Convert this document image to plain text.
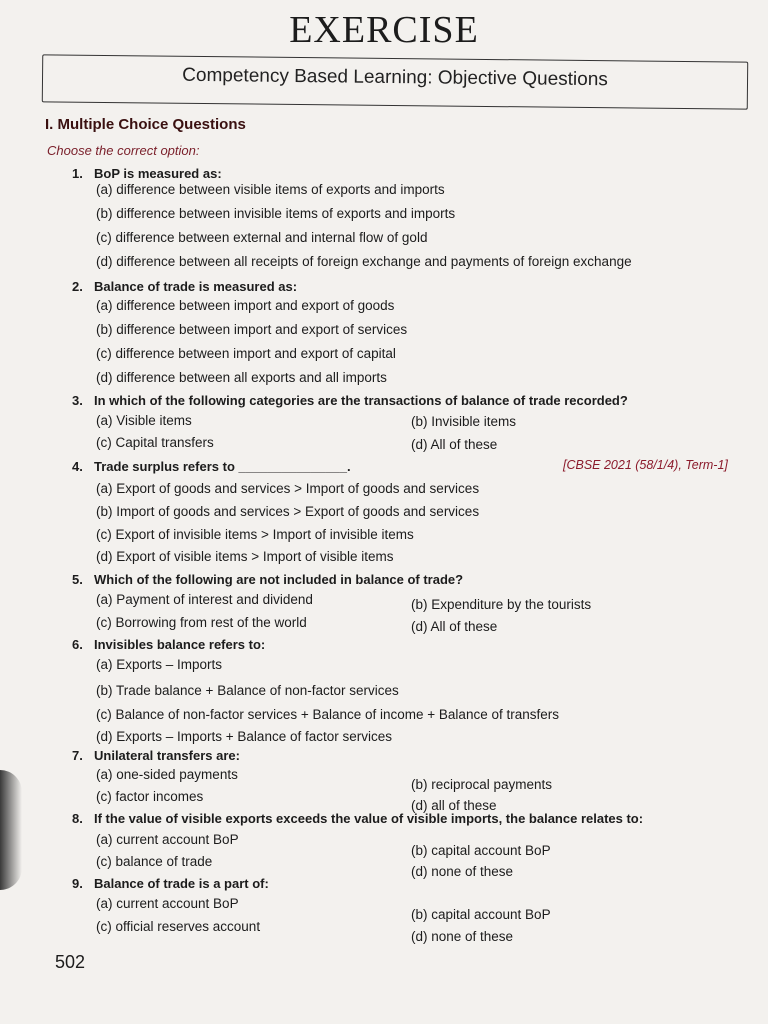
EXERCISE
Competency Based Learning: Objective Questions
I. Multiple Choice Questions
Choose the correct option:
1. BoP is measured as:
(a) difference between visible items of exports and imports
(b) difference between invisible items of exports and imports
(c) difference between external and internal flow of gold
(d) difference between all receipts of foreign exchange and payments of foreign exchange
2. Balance of trade is measured as:
(a) difference between import and export of goods
(b) difference between import and export of services
(c) difference between import and export of capital
(d) difference between all exports and all imports
3. In which of the following categories are the transactions of balance of trade recorded?
(a) Visible items	(b) Invisible items
(c) Capital transfers	(d) All of these
4. Trade surplus refers to _______________.	[CBSE 2021 (58/1/4), Term-1]
(a) Export of goods and services > Import of goods and services
(b) Import of goods and services > Export of goods and services
(c) Export of invisible items > Import of invisible items
(d) Export of visible items > Import of visible items
5. Which of the following are not included in balance of trade?
(a) Payment of interest and dividend	(b) Expenditure by the tourists
(c) Borrowing from rest of the world	(d) All of these
6. Invisibles balance refers to:
(a) Exports – Imports
(b) Trade balance + Balance of non-factor services
(c) Balance of non-factor services + Balance of income + Balance of transfers
(d) Exports – Imports + Balance of factor services
7. Unilateral transfers are:
(a) one-sided payments
(b) reciprocal payments
(c) factor incomes
(d) all of these
8. If the value of visible exports exceeds the value of visible imports, the balance relates to:
(a) current account BoP
(b) capital account BoP
(c) balance of trade
(d) none of these
9. Balance of trade is a part of:
(a) current account BoP
(b) capital account BoP
(c) official reserves account
(d) none of these
502
